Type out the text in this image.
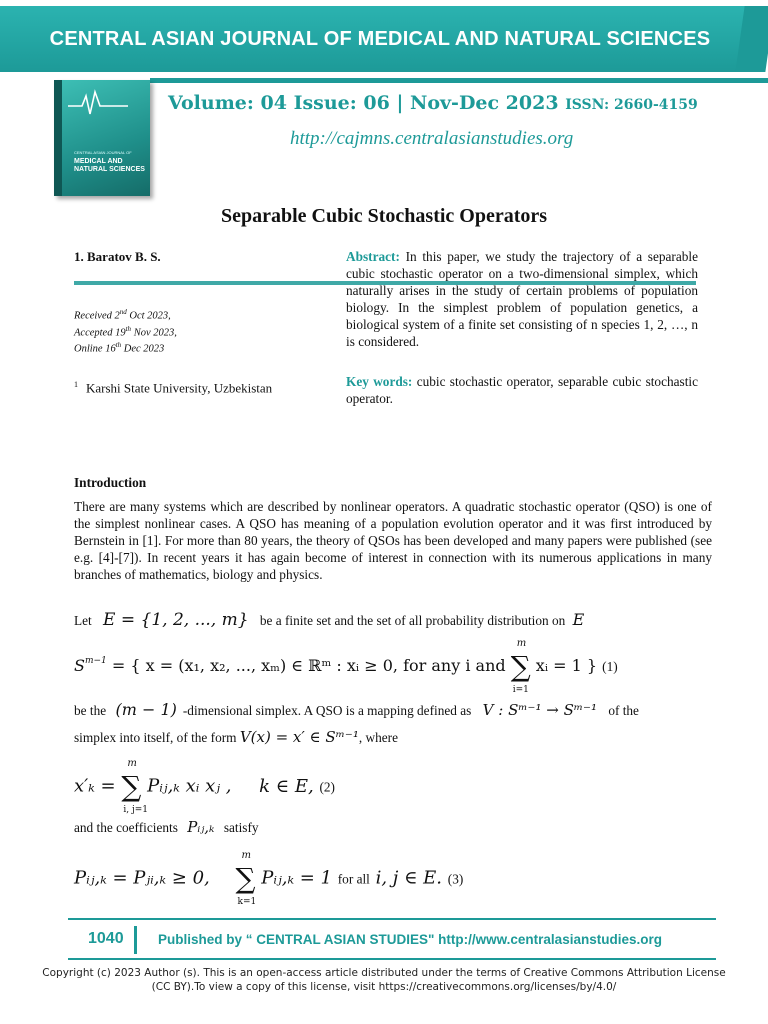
CENTRAL ASIAN JOURNAL OF MEDICAL AND NATURAL SCIENCES
CENTRAL ASIAN JOURNAL OF
MEDICAL AND NATURAL SCIENCES
Volume: 04 Issue: 06 | Nov-Dec 2023 ISSN: 2660-4159
http://cajmns.centralasianstudies.org
Separable Cubic Stochastic Operators
1. Baratov B. S.
Received 2nd Oct 2023,
Accepted 19th Nov 2023,
Online 16th Dec 2023
$^1$ Karshi State University, Uzbekistan
Abstract: In this paper, we study the trajectory of a separable cubic stochastic operator on a two-dimensional simplex, which naturally arises in the study of certain problems of population biology. In the simplest problem of population genetics, a biological system of a finite set consisting of n species 1, 2, …, n is considered.
Key words: cubic stochastic operator, separable cubic stochastic operator.
Introduction
There are many systems which are described by nonlinear operators. A quadratic stochastic operator (QSO) is one of the simplest nonlinear cases. A QSO has meaning of a population evolution operator and it was first introduced by Bernstein in [1]. For more than 80 years, the theory of QSOs has been developed and many papers were published (see e.g. [4]-[7]). In recent years it has again become of interest in connection with its numerous applications in many branches of mathematics, biology and physics.
Let E = {1, 2, ..., m} be a finite set and the set of all probability distribution on E
$S^{m-1}$ = { x = (x₁, x₂, ..., xₘ) ∈ ℝᵐ : xᵢ ≥ 0, for any i and ∑
m
i=1
xᵢ = 1 } (1)
be the (m − 1) -dimensional simplex. A QSO is a mapping defined as V : Sᵐ⁻¹ → Sᵐ⁻¹ of the
simplex into itself, of the form V(x) = x′ ∈ Sᵐ⁻¹, where
x′ₖ = ∑
m
i, j=1
Pᵢⱼ,ₖ xᵢ xⱼ , k ∈ E, (2)
and the coefficients Pᵢⱼ,ₖ satisfy
Pᵢⱼ,ₖ = Pⱼᵢ,ₖ ≥ 0, ∑
m
k=1
Pᵢⱼ,ₖ = 1 for all i, j ∈ E. (3)
1040	Published by “ CENTRAL ASIAN STUDIES" http://www.centralasianstudies.org
Copyright (c) 2023 Author (s). This is an open-access article distributed under the terms of Creative Commons Attribution License (CC BY).To view a copy of this license, visit https://creativecommons.org/licenses/by/4.0/
